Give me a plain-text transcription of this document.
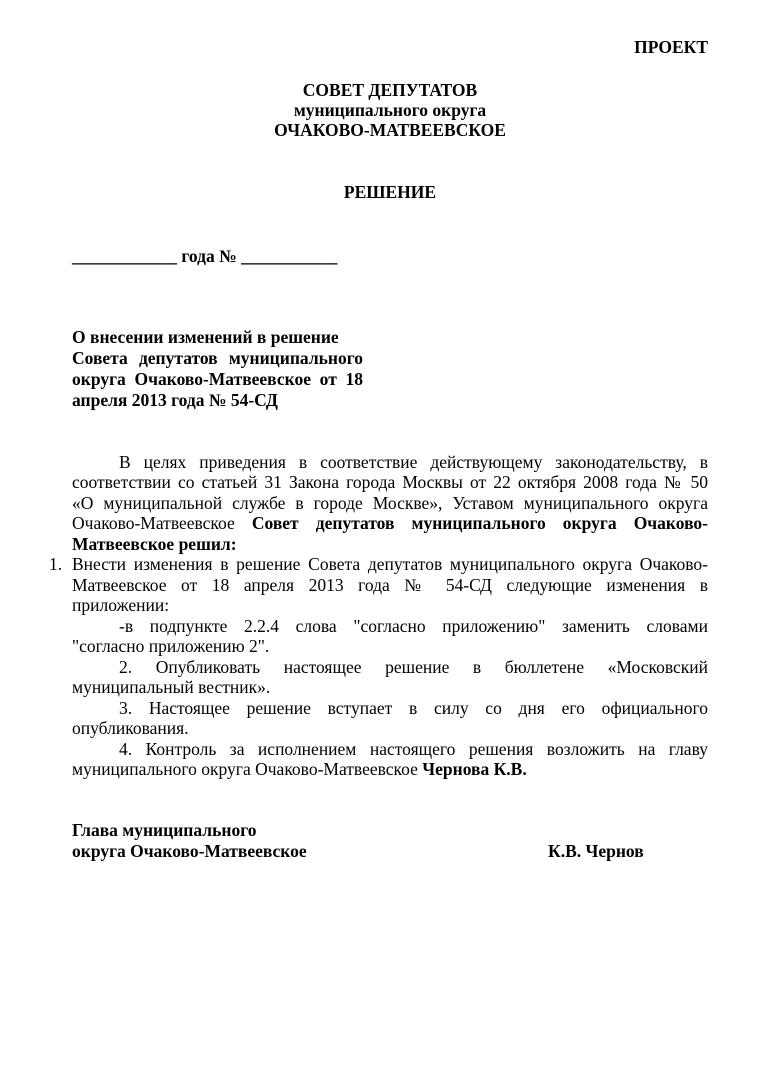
ПРОЕКТ
СОВЕТ ДЕПУТАТОВ
муниципального округа
ОЧАКОВО-МАТВЕЕВСКОЕ
РЕШЕНИЕ
____________ года № ___________
О внесении изменений в решение
Совета депутатов муниципального
округа Очаково-Матвеевское от 18
апреля 2013 года № 54-СД
В целях приведения в соответствие действующему законодательству, в
соответствии со статьей 31 Закона города Москвы от 22 октября 2008 года № 50
«О муниципальной службе в городе Москве», Уставом муниципального округа
Очаково-Матвеевское Совет депутатов муниципального округа Очаково-
Матвеевское решил:
1. Внести изменения в решение Совета депутатов муниципального округа Очаково-
Матвеевское от 18 апреля 2013 года № 54-СД следующие изменения в
приложении:
-в подпункте 2.2.4 слова "согласно приложению" заменить словами
"согласно приложению 2".
2. Опубликовать настоящее решение в бюллетене «Московский
муниципальный вестник».
3. Настоящее решение вступает в силу со дня его официального
опубликования.
4. Контроль за исполнением настоящего решения возложить на главу
муниципального округа Очаково-Матвеевское Чернова К.В.
Глава муниципального
округа Очаково-Матвеевское	К.В. Чернов
